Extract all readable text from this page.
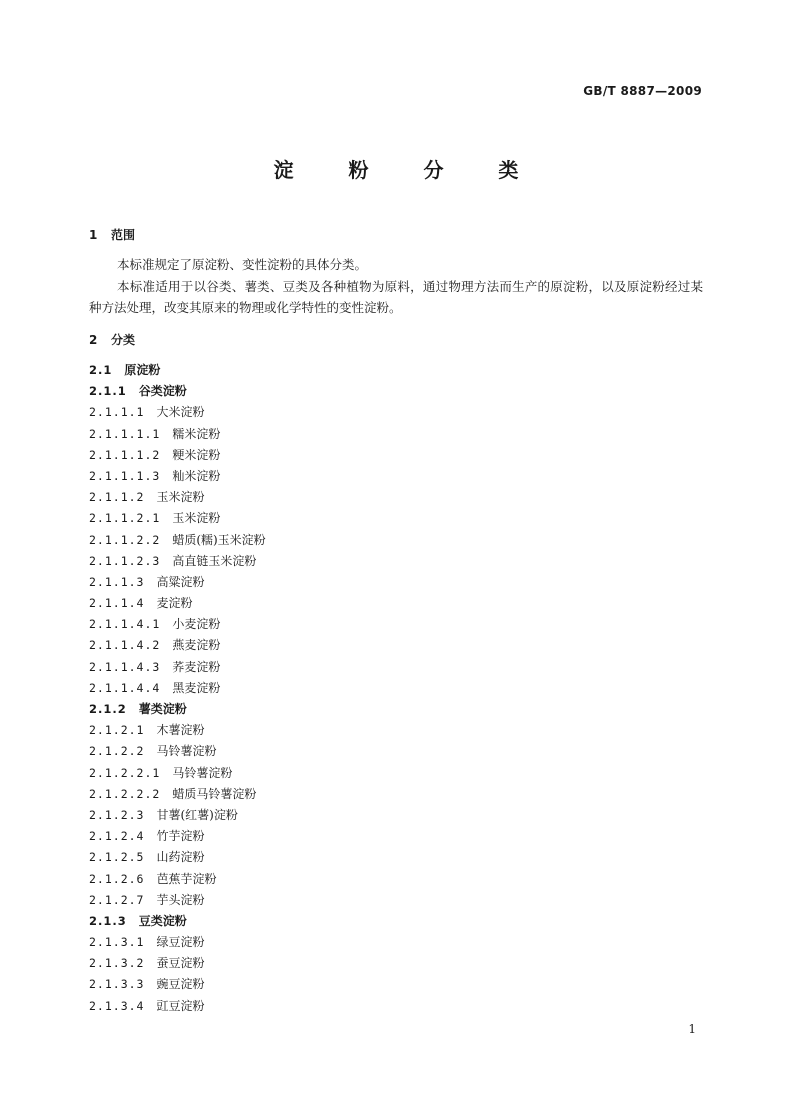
GB/T 8887—2009
淀 粉 分 类
1 范围
本标准规定了原淀粉、变性淀粉的具体分类。
本标准适用于以谷类、薯类、豆类及各种植物为原料，通过物理方法而生产的原淀粉，以及原淀粉经过某种方法处理，改变其原来的物理或化学特性的变性淀粉。
2 分类
2.1 原淀粉
2.1.1 谷类淀粉
2.1.1.1 大米淀粉
2.1.1.1.1 糯米淀粉
2.1.1.1.2 粳米淀粉
2.1.1.1.3 籼米淀粉
2.1.1.2 玉米淀粉
2.1.1.2.1 玉米淀粉
2.1.1.2.2 蜡质(糯)玉米淀粉
2.1.1.2.3 高直链玉米淀粉
2.1.1.3 高粱淀粉
2.1.1.4 麦淀粉
2.1.1.4.1 小麦淀粉
2.1.1.4.2 燕麦淀粉
2.1.1.4.3 荞麦淀粉
2.1.1.4.4 黑麦淀粉
2.1.2 薯类淀粉
2.1.2.1 木薯淀粉
2.1.2.2 马铃薯淀粉
2.1.2.2.1 马铃薯淀粉
2.1.2.2.2 蜡质马铃薯淀粉
2.1.2.3 甘薯(红薯)淀粉
2.1.2.4 竹芋淀粉
2.1.2.5 山药淀粉
2.1.2.6 芭蕉芋淀粉
2.1.2.7 芋头淀粉
2.1.3 豆类淀粉
2.1.3.1 绿豆淀粉
2.1.3.2 蚕豆淀粉
2.1.3.3 豌豆淀粉
2.1.3.4 豇豆淀粉
1
